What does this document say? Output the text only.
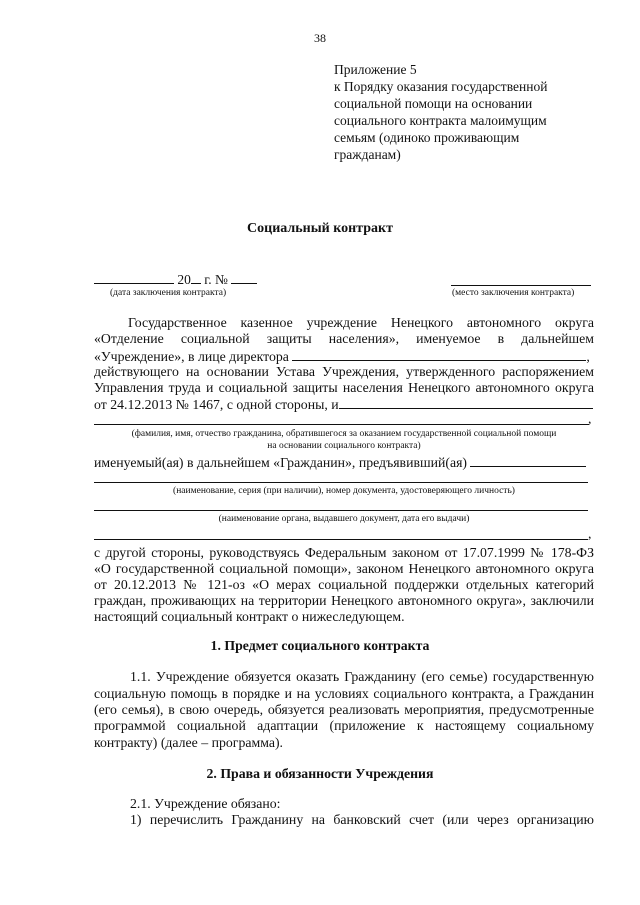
38
Приложение 5
к Порядку оказания государственной
социальной помощи на основании
социального контракта малоимущим
семьям (одиноко проживающим
гражданам)
Социальный контракт
20 г. №
(дата заключения контракта)	(место заключения контракта)
Государственное казенное учреждение Ненецкого автономного округа
«Отделение социальной защиты населения», именуемое в дальнейшем
«Учреждение», в лице директора	,
действующего на основании Устава Учреждения, утвержденного распоряжением
Управления труда и социальной защиты населения Ненецкого автономного округа
от 24.12.2013 № 1467, с одной стороны, и
,
(фамилия, имя, отчество гражданина, обратившегося за оказанием государственной социальной помощи
на основании социального контракта)
именуемый(ая) в дальнейшем «Гражданин», предъявивший(ая)
(наименование, серия (при наличии), номер документа, удостоверяющего личность)
(наименование органа, выдавшего документ, дата его выдачи)
,
с другой стороны, руководствуясь Федеральным законом от 17.07.1999 № 178-ФЗ
«О государственной социальной помощи», законом Ненецкого автономного округа
от 20.12.2013 № 121-оз «О мерах социальной поддержки отдельных категорий
граждан, проживающих на территории Ненецкого автономного округа», заключили
настоящий социальный контракт о нижеследующем.
1. Предмет социального контракта
1.1. Учреждение обязуется оказать Гражданину (его семье) государственную
социальную помощь в порядке и на условиях социального контракта, а Гражданин
(его семья), в свою очередь, обязуется реализовать мероприятия, предусмотренные
программой социальной адаптации (приложение к настоящему социальному
контракту) (далее – программа).
2. Права и обязанности Учреждения
2.1. Учреждение обязано:
1) перечислить Гражданину на банковский счет (или через организацию
